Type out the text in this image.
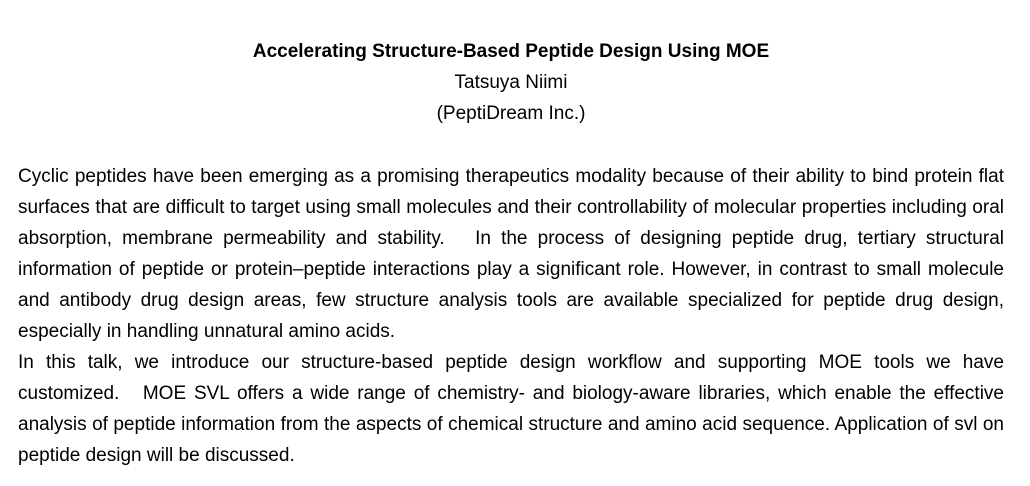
Accelerating Structure-Based Peptide Design Using MOE
Tatsuya Niimi
(PeptiDream Inc.)

Cyclic peptides have been emerging as a promising therapeutics modality because of their ability to bind protein flat surfaces that are difficult to target using small molecules and their controllability of molecular properties including oral absorption, membrane permeability and stability.   In the process of designing peptide drug, tertiary structural information of peptide or protein–peptide interactions play a significant role. However, in contrast to small molecule and antibody drug design areas, few structure analysis tools are available specialized for peptide drug design, especially in handling unnatural amino acids.

In this talk, we introduce our structure-based peptide design workflow and supporting MOE tools we have customized.   MOE SVL offers a wide range of chemistry- and biology-aware libraries, which enable the effective analysis of peptide information from the aspects of chemical structure and amino acid sequence. Application of svl on peptide design will be discussed.
